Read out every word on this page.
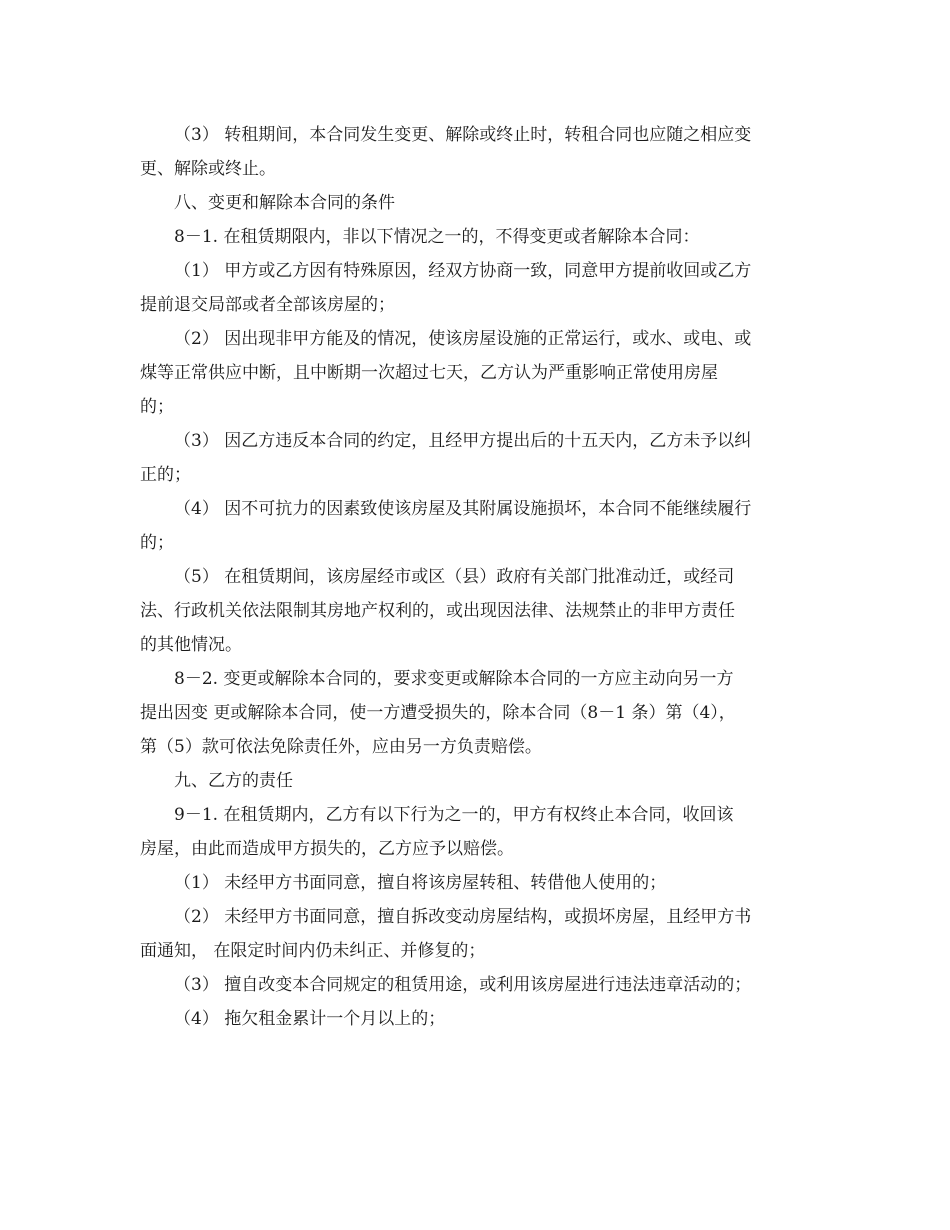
（3） 转租期间，本合同发生变更、解除或终止时，转租合同也应随之相应变
更、解除或终止。
八、变更和解除本合同的条件
8－1. 在租赁期限内，非以下情况之一的，不得变更或者解除本合同：
（1） 甲方或乙方因有特殊原因，经双方协商一致，同意甲方提前收回或乙方
提前退交局部或者全部该房屋的；
（2） 因出现非甲方能及的情况，使该房屋设施的正常运行，或水、或电、或
煤等正常供应中断，且中断期一次超过七天，乙方认为严重影响正常使用房屋
的；
（3） 因乙方违反本合同的约定，且经甲方提出后的十五天内，乙方未予以纠
正的；
（4） 因不可抗力的因素致使该房屋及其附属设施损坏，本合同不能继续履行
的；
（5） 在租赁期间，该房屋经市或区（县）政府有关部门批准动迁，或经司
法、行政机关依法限制其房地产权利的，或出现因法律、法规禁止的非甲方责任
的其他情况。
8－2. 变更或解除本合同的，要求变更或解除本合同的一方应主动向另一方
提出因变 更或解除本合同，使一方遭受损失的，除本合同（8－1 条）第（4），
第（5）款可依法免除责任外，应由另一方负责赔偿。
九、乙方的责任
9－1. 在租赁期内，乙方有以下行为之一的，甲方有权终止本合同，收回该
房屋，由此而造成甲方损失的，乙方应予以赔偿。
（1） 未经甲方书面同意，擅自将该房屋转租、转借他人使用的；
（2） 未经甲方书面同意，擅自拆改变动房屋结构，或损坏房屋，且经甲方书
面通知， 在限定时间内仍未纠正、并修复的；
（3） 擅自改变本合同规定的租赁用途，或利用该房屋进行违法违章活动的；
（4） 拖欠租金累计一个月以上的；
